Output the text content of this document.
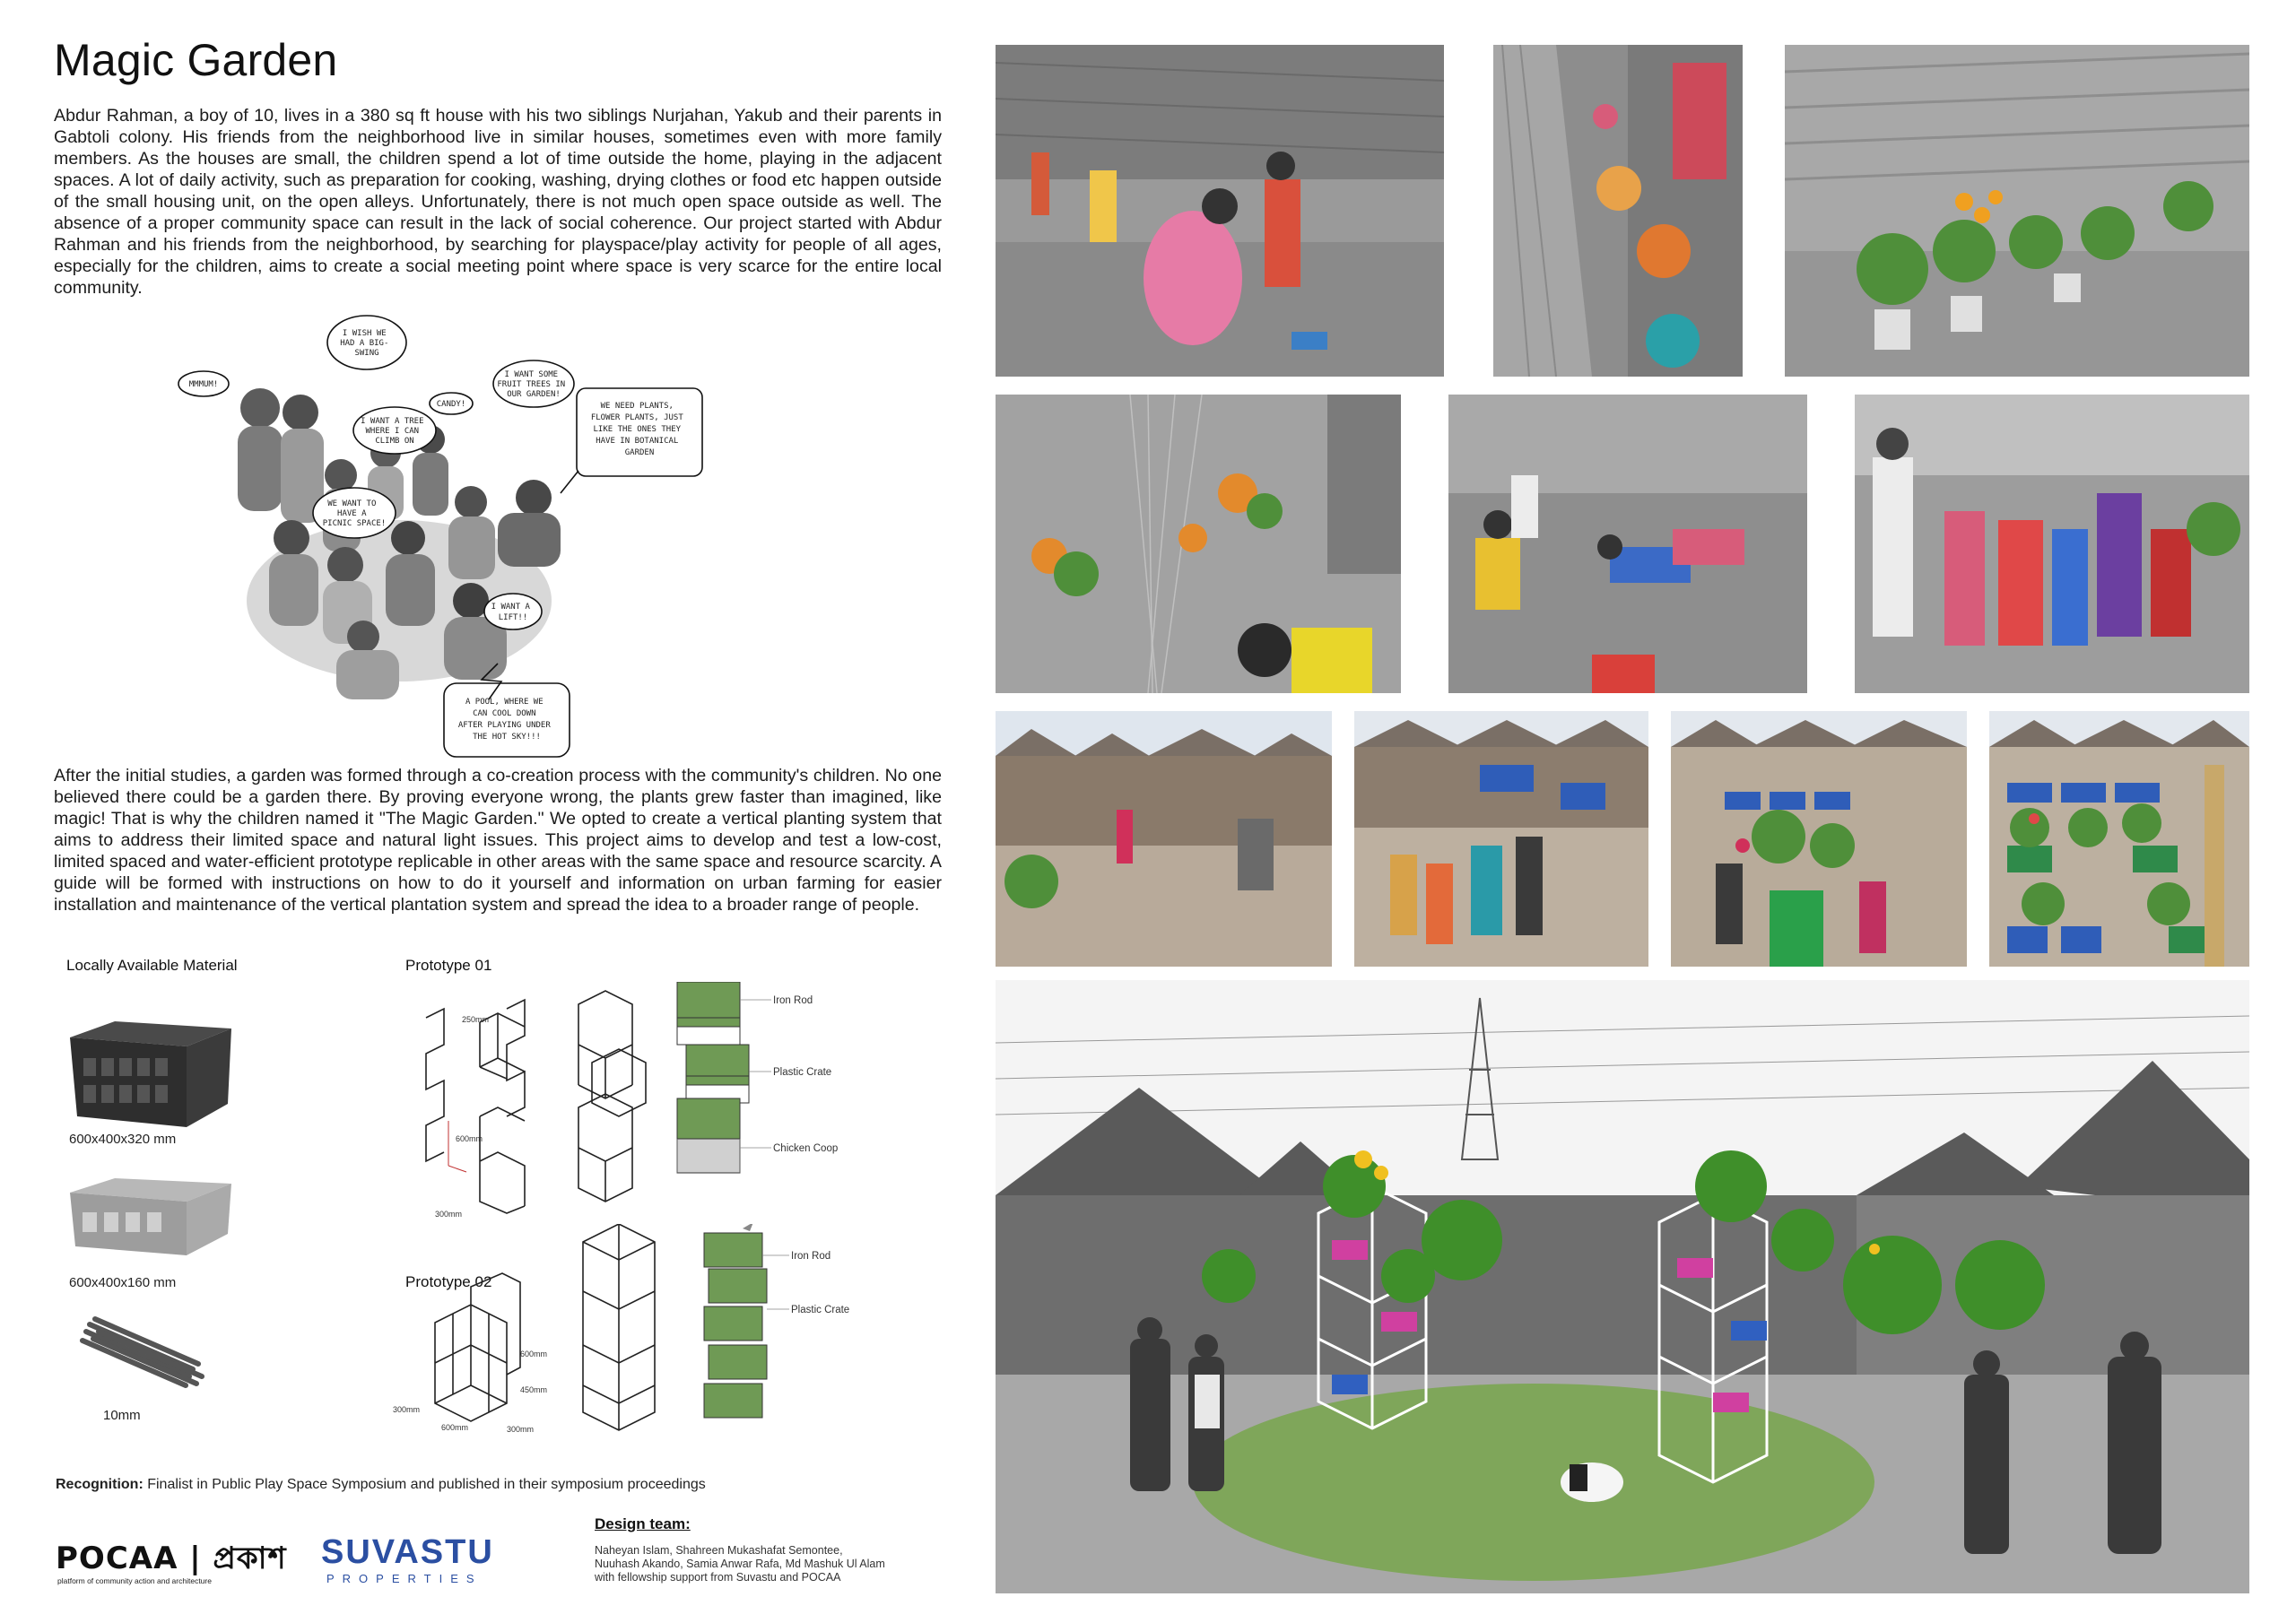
Magic Garden
Abdur Rahman, a boy of 10, lives in a 380 sq ft house with his two siblings Nurjahan, Yakub and their parents in Gabtoli colony. His friends from the neighborhood live in similar houses, sometimes even with more family members. As the houses are small, the children spend a lot of time outside the home, playing in the adjacent spaces. A lot of daily activity, such as preparation for cooking, washing, drying clothes or food etc happen outside of the small housing unit, on the open alleys. Unfortunately, there is not much open space outside as well. The absence of a proper community space can result in the lack of social coherence. Our project started with Abdur Rahman and his friends from the neighborhood, by searching for playspace/play activity for people of all ages, especially for the children, aims to create a social meeting point where space is very scarce for the entire local community.
MMMUM!
I WISH WE HAD A BIG- SWING
CANDY!
I WANT SOME FRUIT TREES IN OUR GARDEN!
I WANT A TREE WHERE I CAN CLIMB ON
WE NEED PLANTS, FLOWER PLANTS, JUST LIKE THE ONES THEY HAVE IN BOTANICAL GARDEN
WE WANT TO HAVE A PICNIC SPACE!
I WANT A LIFT!!
A POOL, WHERE WE CAN COOL DOWN AFTER PLAYING UNDER THE HOT SKY!!!
After the initial studies, a garden was formed through a co-creation process with the community's children. No one believed there could be a garden there. By proving everyone wrong, the plants grew faster than imagined, like magic! That is why the children named it "The Magic Garden." We opted to create a vertical planting system that aims to address their limited space and natural light issues. This project aims to develop and test a low-cost, limited spaced and water-efficient prototype replicable in other areas with the same space and resource scarcity. A guide will be formed with instructions on how to do it yourself and information on urban farming for easier installation and maintenance of the vertical plantation system and spread the idea to a broader range of people.
Locally Available Material
600x400x320 mm
600x400x160 mm
10mm
Prototype 01
Iron Rod
Plastic Crate
Chicken Coop
250mm
600mm
300mm
Prototype 02
Iron Rod
Plastic Crate
600mm
450mm
300mm
600mm	300mm
Recognition: Finalist in Public Play Space Symposium and published in their symposium proceedings
POCAA | প্রকাশ
platform of community action and architecture
SUVASTU
PROPERTIES
Design team:
Naheyan Islam, Shahreen Mukashafat Semontee,
Nuuhash Akando, Samia Anwar Rafa, Md Mashuk Ul Alam
with fellowship support from Suvastu and POCAA
